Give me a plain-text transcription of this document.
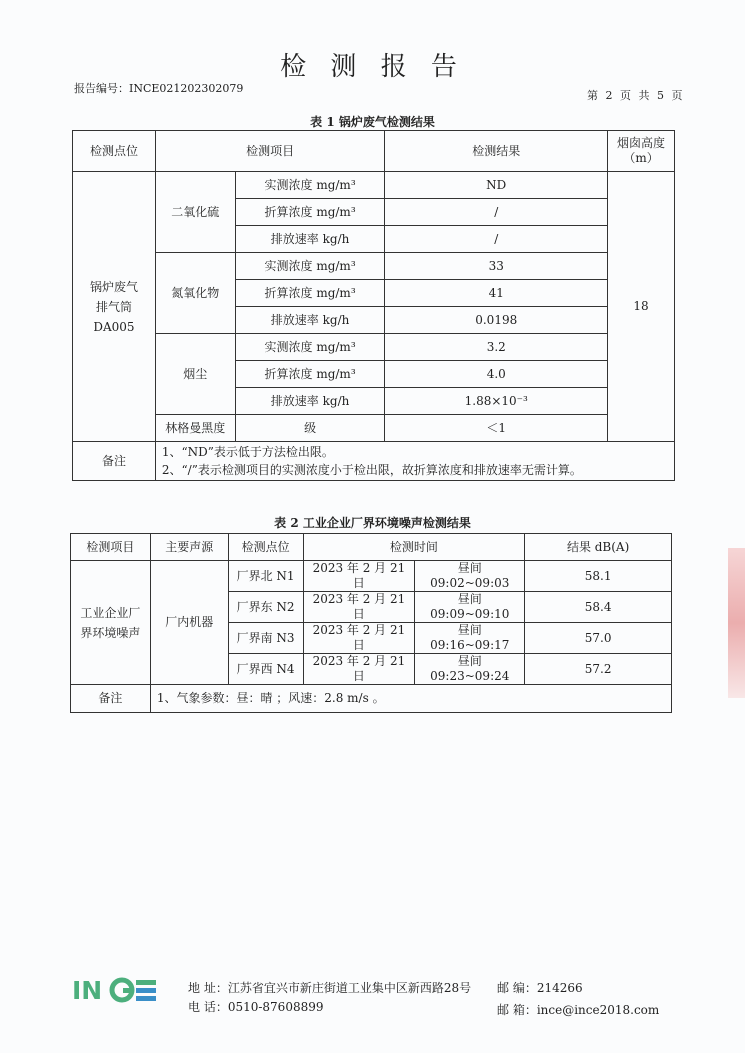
检 测 报 告
报告编号：INCE021202302079
第 2 页 共 5 页
表 1 锅炉废气检测结果
检测点位	检测项目		检测结果	烟囱高度
（m）
锅炉废气
排气筒
DA005	二氧化硫	实测浓度 mg/m³	ND	18
		折算浓度 mg/m³	/	
		排放速率 kg/h	/	
	氮氧化物	实测浓度 mg/m³	33	
		折算浓度 mg/m³	41	
		排放速率 kg/h	0.0198	
	烟尘	实测浓度 mg/m³	3.2	
		折算浓度 mg/m³	4.0	
		排放速率 kg/h	1.88×10⁻³	
	林格曼黑度	级	＜1	
备注	1、“ND”表示低于方法检出限。
2、“/”表示检测项目的实测浓度小于检出限，故折算浓度和排放速率无需计算。			
表 2 工业企业厂界环境噪声检测结果
检测项目	主要声源	检测点位	检测时间		结果 dB(A)
工业企业厂
界环境噪声	厂内机器	厂界北 N1	2023 年 2 月 21 日	昼间 09:02~09:03	58.1
		厂界东 N2	2023 年 2 月 21 日	昼间 09:09~09:10	58.4
		厂界南 N3	2023 年 2 月 21 日	昼间 09:16~09:17	57.0
		厂界西 N4	2023 年 2 月 21 日	昼间 09:23~09:24	57.2
备注	1、气象参数：昼：晴 ；风速：2.8 m/s 。				
IN	地 址：江苏省宜兴市新庄街道工业集中区新西路28号 邮 编：214266
电 话：0510-87608899	邮 箱：ince@ince2018.com
